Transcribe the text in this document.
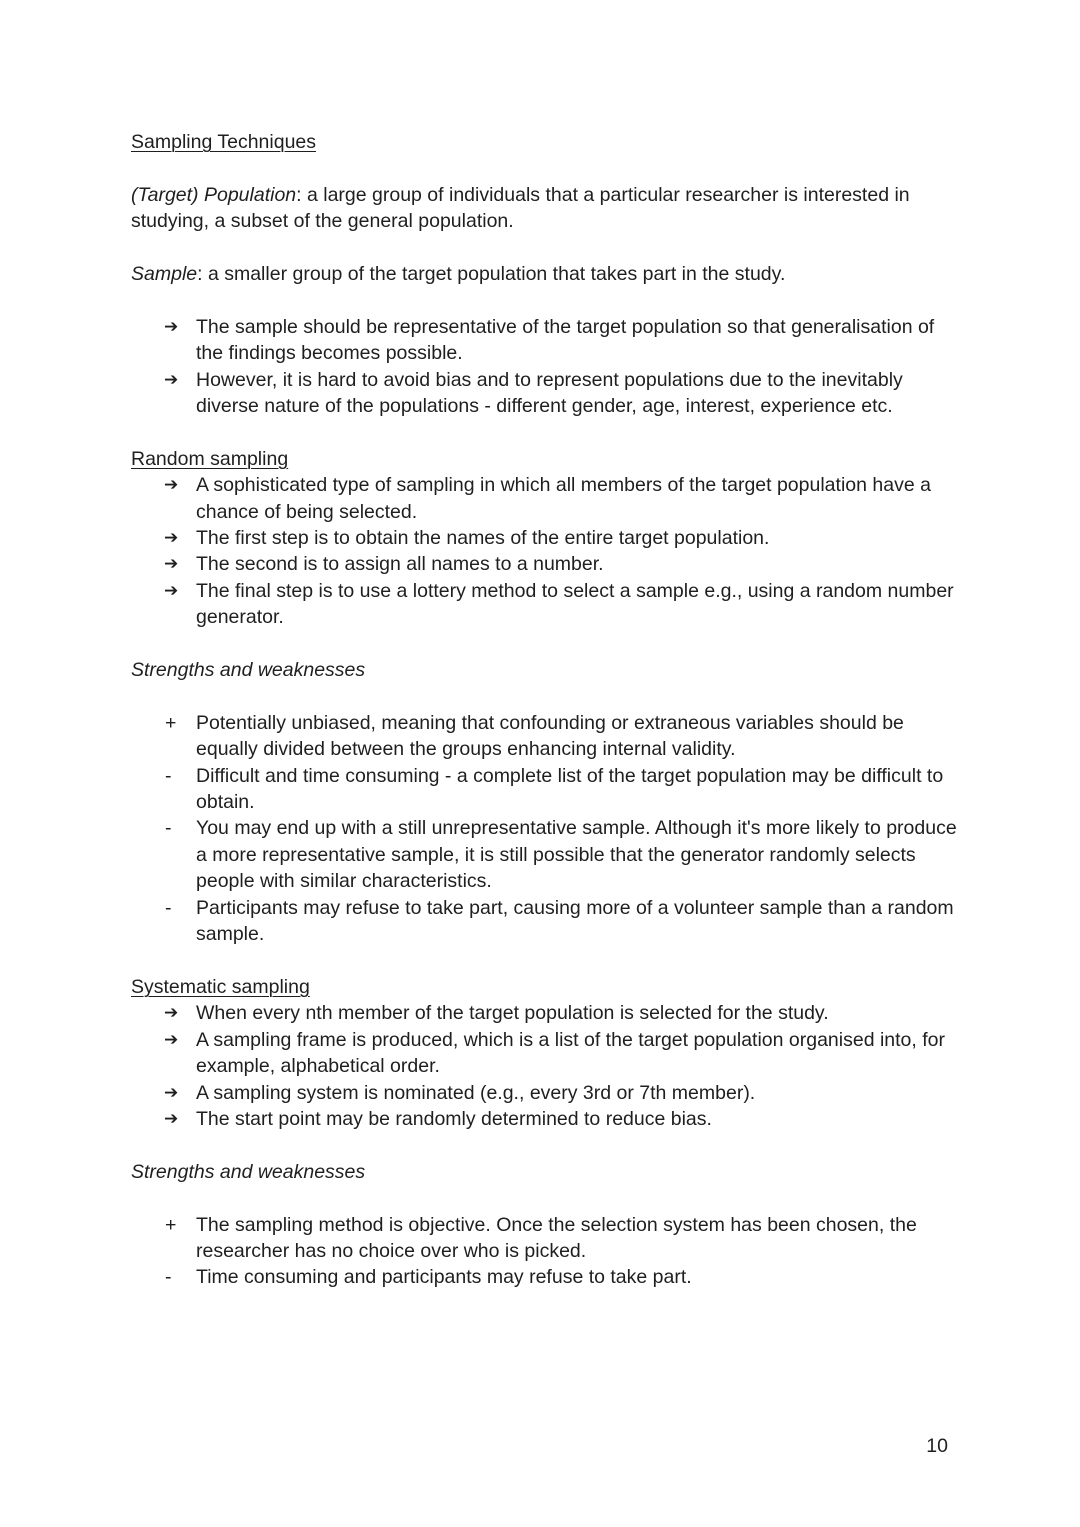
Sampling Techniques

(Target) Population: a large group of individuals that a particular researcher is interested in studying, a subset of the general population.

Sample: a smaller group of the target population that takes part in the study.

➔ The sample should be representative of the target population so that generalisation of the findings becomes possible.
➔ However, it is hard to avoid bias and to represent populations due to the inevitably diverse nature of the populations - different gender, age, interest, experience etc.

Random sampling

➔ A sophisticated type of sampling in which all members of the target population have a chance of being selected.
➔ The first step is to obtain the names of the entire target population.
➔ The second is to assign all names to a number.
➔ The final step is to use a lottery method to select a sample e.g., using a random number generator.

Strengths and weaknesses

+	Potentially unbiased, meaning that confounding or extraneous variables should be equally divided between the groups enhancing internal validity.
-	Difficult and time consuming - a complete list of the target population may be difficult to obtain.
-	You may end up with a still unrepresentative sample. Although it's more likely to produce a more representative sample, it is still possible that the generator randomly selects people with similar characteristics.
-	Participants may refuse to take part, causing more of a volunteer sample than a random sample.

Systematic sampling

➔ When every nth member of the target population is selected for the study.
➔ A sampling frame is produced, which is a list of the target population organised into, for example, alphabetical order.
➔ A sampling system is nominated (e.g., every 3rd or 7th member).
➔ The start point may be randomly determined to reduce bias.

Strengths and weaknesses

+	The sampling method is objective. Once the selection system has been chosen, the researcher has no choice over who is picked.
-	Time consuming and participants may refuse to take part.

10
